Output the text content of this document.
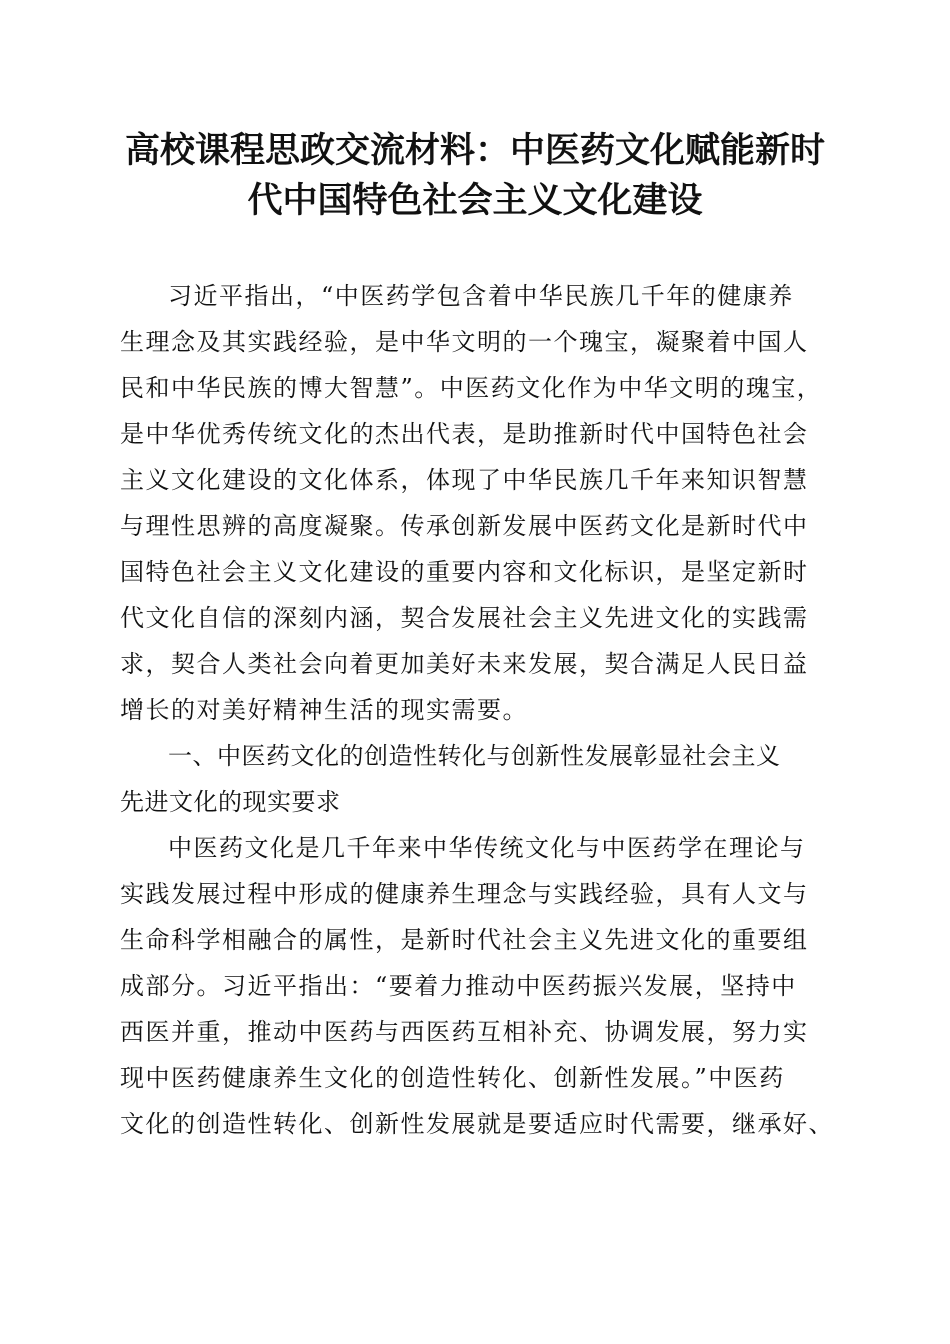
高校课程思政交流材料：中医药文化赋能新时
代中国特色社会主义文化建设
习近平指出，“中医药学包含着中华民族几千年的健康养
生理念及其实践经验，是中华文明的一个瑰宝，凝聚着中国人
民和中华民族的博大智慧”。中医药文化作为中华文明的瑰宝，
是中华优秀传统文化的杰出代表，是助推新时代中国特色社会
主义文化建设的文化体系，体现了中华民族几千年来知识智慧
与理性思辨的高度凝聚。传承创新发展中医药文化是新时代中
国特色社会主义文化建设的重要内容和文化标识，是坚定新时
代文化自信的深刻内涵，契合发展社会主义先进文化的实践需
求，契合人类社会向着更加美好未来发展，契合满足人民日益
增长的对美好精神生活的现实需要。
一、中医药文化的创造性转化与创新性发展彰显社会主义
先进文化的现实要求
中医药文化是几千年来中华传统文化与中医药学在理论与
实践发展过程中形成的健康养生理念与实践经验，具有人文与
生命科学相融合的属性，是新时代社会主义先进文化的重要组
成部分。习近平指出：“要着力推动中医药振兴发展，坚持中
西医并重，推动中医药与西医药互相补充、协调发展，努力实
现中医药健康养生文化的创造性转化、创新性发展。”中医药
文化的创造性转化、创新性发展就是要适应时代需要，继承好、
